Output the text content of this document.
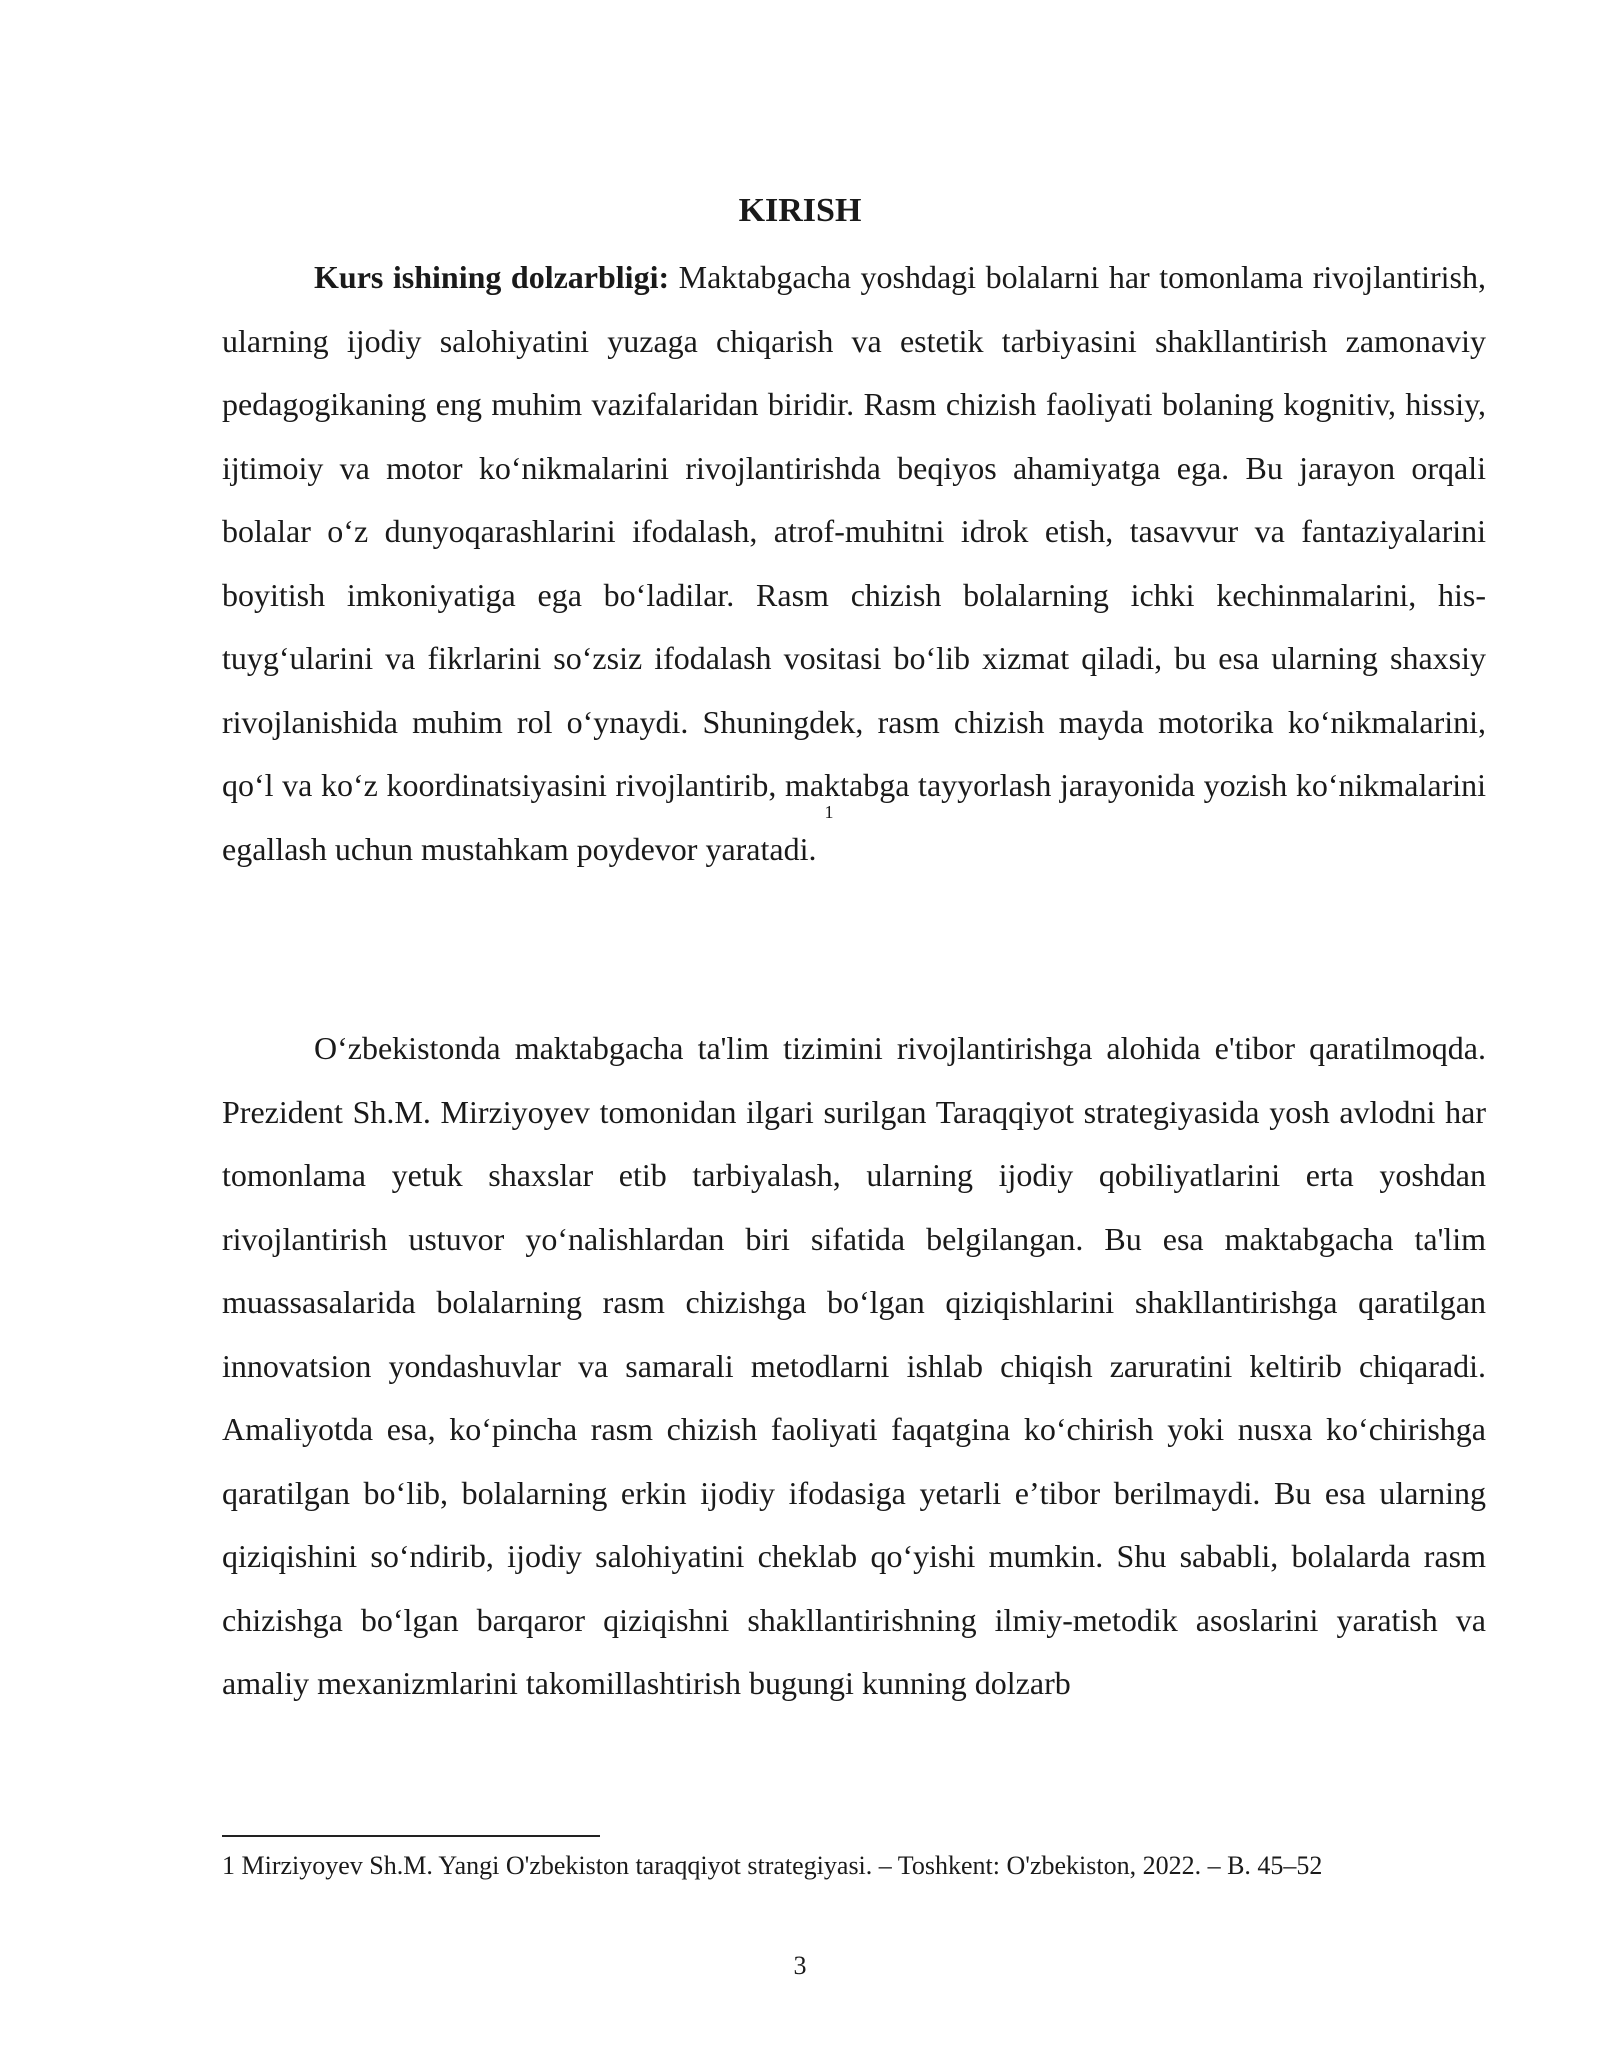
KIRISH

Kurs ishining dolzarbligi: Maktabgacha yoshdagi bolalarni har tomonlama rivojlantirish, ularning ijodiy salohiyatini yuzaga chiqarish va estetik tarbiyasini shakllantirish zamonaviy pedagogikaning eng muhim vazifalaridan biridir. Rasm chizish faoliyati bolaning kognitiv, hissiy, ijtimoiy va motor ko‘nikmalarini rivojlantirishda beqiyos ahamiyatga ega. Bu jarayon orqali bolalar o‘z dunyoqarashlarini ifodalash, atrof-muhitni idrok etish, tasavvur va fantaziyalarini boyitish imkoniyatiga ega bo‘ladilar. Rasm chizish bolalarning ichki kechinmalarini, his-tuyg‘ularini va fikrlarini so‘zsiz ifodalash vositasi bo‘lib xizmat qiladi, bu esa ularning shaxsiy rivojlanishida muhim rol o‘ynaydi. Shuningdek, rasm chizish mayda motorika ko‘nikmalarini, qo‘l va ko‘z koordinatsiyasini rivojlantirib, maktabga tayyorlash jarayonida yozish ko‘nikmalarini egallash uchun mustahkam poydevor yaratadi. $^1$

O‘zbekistonda maktabgacha ta'lim tizimini rivojlantirishga alohida e'tibor qaratilmoqda. Prezident Sh.M. Mirziyoyev tomonidan ilgari surilgan Taraqqiyot strategiyasida yosh avlodni har tomonlama yetuk shaxslar etib tarbiyalash, ularning ijodiy qobiliyatlarini erta yoshdan rivojlantirish ustuvor yo‘nalishlardan biri sifatida belgilangan. Bu esa maktabgacha ta'lim muassasalarida bolalarning rasm chizishga bo‘lgan qiziqishlarini shakllantirishga qaratilgan innovatsion yondashuvlar va samarali metodlarni ishlab chiqish zaruratini keltirib chiqaradi. Amaliyotda esa, ko‘pincha rasm chizish faoliyati faqatgina ko‘chirish yoki nusxa ko‘chirishga qaratilgan bo‘lib, bolalarning erkin ijodiy ifodasiga yetarli eʼtibor berilmaydi. Bu esa ularning qiziqishini so‘ndirib, ijodiy salohiyatini cheklab qo‘yishi mumkin. Shu sababli, bolalarda rasm chizishga bo‘lgan barqaror qiziqishni shakllantirishning ilmiy-metodik asoslarini yaratish va amaliy mexanizmlarini takomillashtirish bugungi kunning dolzarb

1 Mirziyoyev Sh.M. Yangi O'zbekiston taraqqiyot strategiyasi. – Toshkent: O'zbekiston, 2022. – B. 45–52

3
